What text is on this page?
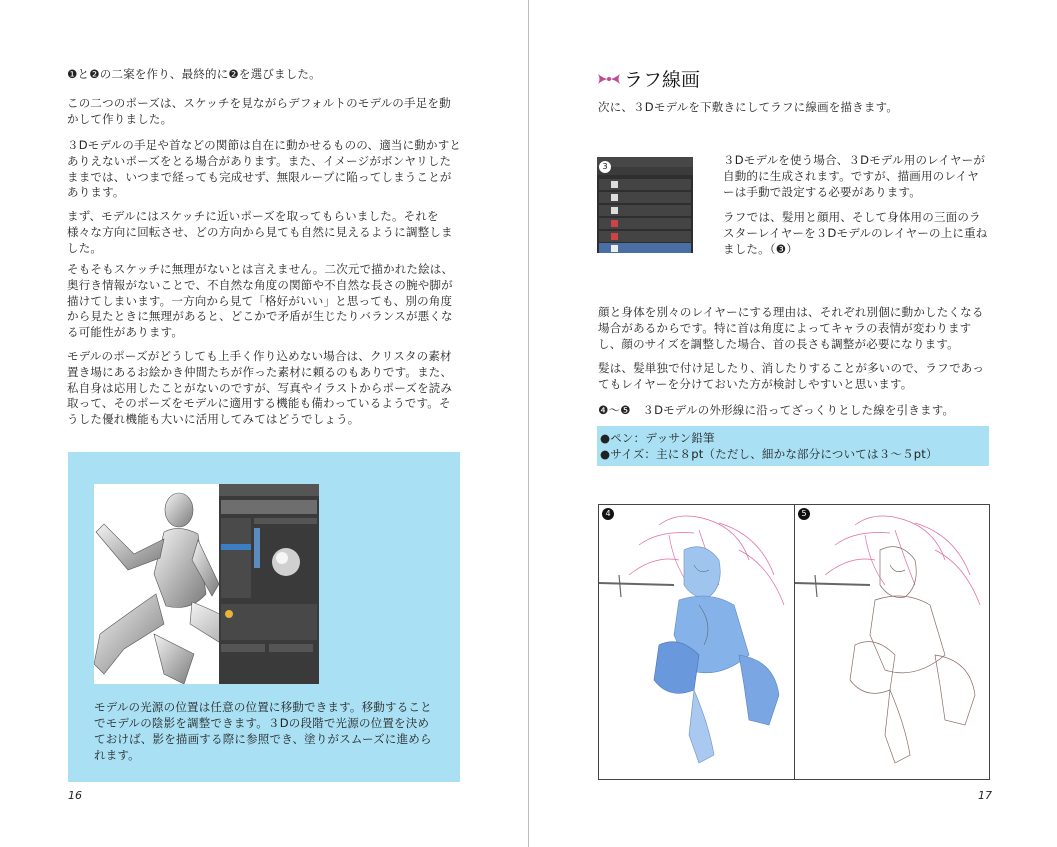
❶と❷の二案を作り、最終的に❷を選びました。

この二つのポーズは、スケッチを見ながらデフォルトのモデルの手足を動かして作りました。

３Dモデルの手足や首などの関節は自在に動かせるものの、適当に動かすとありえないポーズをとる場合があります。また、イメージがボンヤリしたままでは、いつまで経っても完成せず、無限ループに陥ってしまうことがあります。

まず、モデルにはスケッチに近いポーズを取ってもらいました。それを様々な方向に回転させ、どの方向から見ても自然に見えるように調整しました。

そもそもスケッチに無理がないとは言えません。二次元で描かれた絵は、奥行き情報がないことで、不自然な角度の関節や不自然な長さの腕や脚が描けてしまいます。一方向から見て「格好がいい」と思っても、別の角度から見たときに無理があると、どこかで矛盾が生じたりバランスが悪くなる可能性があります。

モデルのポーズがどうしても上手く作り込めない場合は、クリスタの素材置き場にあるお絵かき仲間たちが作った素材に頼るのもありです。また、私自身は応用したことがないのですが、写真やイラストからポーズを読み取って、そのポーズをモデルに適用する機能も備わっているようです。そうした優れ機能も大いに活用してみてはどうでしょう。

モデルの光源の位置は任意の位置に移動できます。移動することでモデルの陰影を調整できます。３Dの段階で光源の位置を決めておけば、影を描画する際に参照でき、塗りがスムーズに進められます。

16
ラフ線画

次に、３Dモデルを下敷きにしてラフに線画を描きます。

3	３Dモデルを使う場合、３Dモデル用のレイヤーが自動的に生成されます。ですが、描画用のレイヤーは手動で設定する必要があります。

ラフでは、髪用と顔用、そして身体用の三面のラスターレイヤーを３Dモデルのレイヤーの上に重ねました。（❸）

顔と身体を別々のレイヤーにする理由は、それぞれ別個に動かしたくなる場合があるからです。特に首は角度によってキャラの表情が変わりますし、顔のサイズを調整した場合、首の長さも調整が必要になります。

髪は、髪単独で付け足したり、消したりすることが多いので、ラフであってもレイヤーを分けておいた方が検討しやすいと思います。

❹〜❺　３Dモデルの外形線に沿ってざっくりとした線を引きます。

●ペン：デッサン鉛筆

●サイズ：主に８pt（ただし、細かな部分については３〜５pt）

4	5
17
